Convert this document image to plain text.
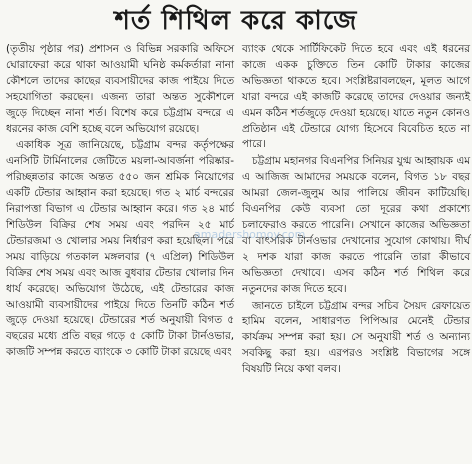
শর্ত শিথিল করে কাজে

(তৃতীয় পৃষ্ঠার পর) প্রশাসন ও বিভিন্ন সরকারি অফিসে ঘোরাফেরা করে থাকা আওয়ামী ঘনিষ্ঠ কর্মকর্তারা নানা কৌশলে তাদের কাছের ব্যবসায়ীদের কাজ পাইয়ে দিতে সহযোগিতা করছেন। এজন্য তারা অন্তত সুকৌশলে জুড়ে দিচ্ছেন নানা শর্ত। বিশেষ করে চট্টগ্রাম বন্দরে এ ধরনের কাজ বেশি হচ্ছে বলে অভিযোগ রয়েছে।

একাধিক সূত্র জানিয়েছে, চট্টগ্রাম বন্দর কর্তৃপক্ষের এনসিটি টার্মিনালের জেটিতে ময়লা-আবর্জনা পরিষ্কার-পরিচ্ছন্নতার কাজে অন্তত ৫৫০ জন শ্রমিক নিয়োগের একটি টেন্ডার আহ্বান করা হয়েছে। গত ২ মার্চ বন্দরের নিরাপত্তা বিভাগ এ টেন্ডার আহ্বান করে। গত ২৪ মার্চ শিডিউল বিক্রির শেষ সময় এবং পরদিন ২৫ মার্চ টেন্ডারজমা ও খোলার সময় নির্ধারণ করা হয়েছিল। পরে সময় বাড়িয়ে গতকাল মঙ্গলবার (৭ এপ্রিল) শিডিউল বিক্রির শেষ সময় এবং আজ বুধবার টেন্ডার খোলার দিন ধার্য করেছে। অভিযোগ উঠেছে, এই টেন্ডারের কাজ আওয়ামী ব্যবসায়ীদের পাইয়ে দিতে তিনটি কঠিন শর্ত জুড়ে দেওয়া হয়েছে। টেন্ডারের শর্ত অনুযায়ী বিগত ৫ বছরের মধ্যে প্রতি বছর গড়ে ৫ কোটি টাকা টার্নওভার, কাজটি সম্পন্ন করতে ব্যাংকে ৩ কোটি টাকা রয়েছে এবং

ব্যাংক থেকে সার্টিফিকেট দিতে হবে এবং এই ধরনের কাজে একক চুক্তিতে তিন কোটি টাকার কাজের অভিজ্ঞতা থাকতে হবে। সংশ্লিষ্টরাবলছেন, মূলত আগে যারা বন্দরে এই কাজটি করেছে তাদের দেওয়ার জন্যই এমন কঠিন শর্তজুড়ে দেওয়া হয়েছে। যাতে নতুন কোনও প্রতিষ্ঠান এই টেন্ডারে যোগ্য হিসেবে বিবেচিত হতে না পারে।

চট্টগ্রাম মহানগর বিএনপির সিনিয়র যুগ্ম আহ্বায়ক এম এ আজিজ আমাদের সময়কে বলেন, বিগত ১৮ বছর আমরা জেল-জুলুম আর পালিয়ে জীবন কাটিয়েছি। বিএনপির কেউ ব্যবসা তো দূরের কথা প্রকাশ্যে চলাফেরাও করতে পারেনি। সেখানে কাজের অভিজ্ঞতা বা বাৎসরিক টার্নওভার দেখানোর সুযোগ কোথায়। দীর্ঘ ২ দশক যারা কাজ করতে পারেনি তারা কীভাবে অভিজ্ঞতা দেখাবে। এসব কঠিন শর্ত শিথিল করে নতুনদের কাজ দিতে হবে।

জানতে চাইলে চট্টগ্রাম বন্দর সচিব সৈয়দ রেফায়েত হামিম বলেন, সাধারণত পিপিআর মেনেই টেন্ডার কার্যক্রম সম্পন্ন করা হয়। সে অনুযায়ী শর্ত ও অন্যান্য সবকিছু করা হয়। এরপরও সংশ্লিষ্ট বিভাগের সঙ্গে বিষয়টি নিয়ে কথা বলব।

amadershomoy.com
